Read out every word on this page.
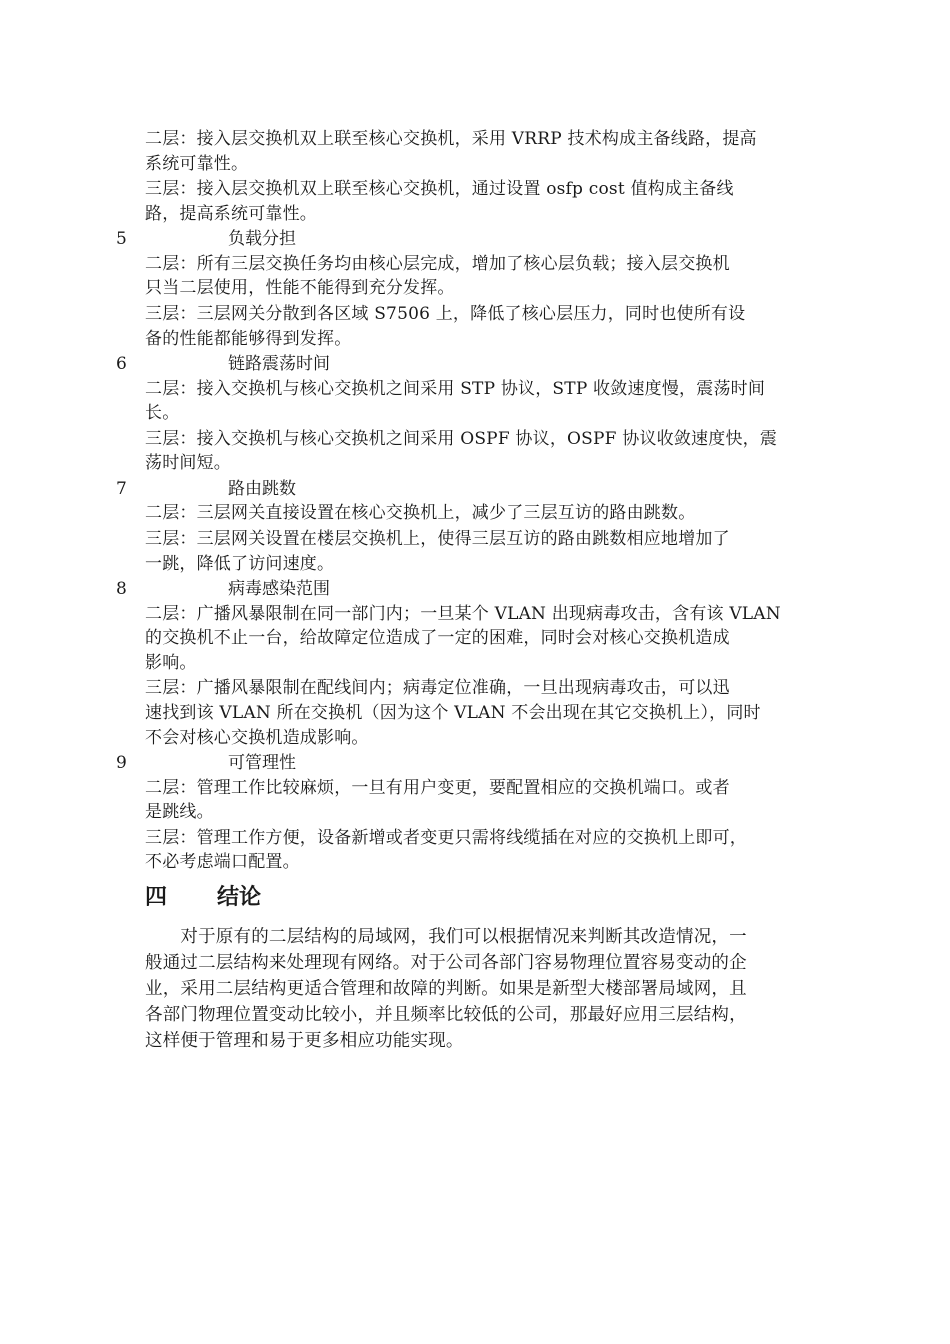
二层：接入层交换机双上联至核心交换机，采用 VRRP 技术构成主备线路，提高
系统可靠性。
三层：接入层交换机双上联至核心交换机，通过设置 osfp cost 值构成主备线
路，提高系统可靠性。
5	负载分担
二层：所有三层交换任务均由核心层完成，增加了核心层负载；接入层交换机
只当二层使用，性能不能得到充分发挥。
三层：三层网关分散到各区域 S7506 上，降低了核心层压力，同时也使所有设
备的性能都能够得到发挥。
6	链路震荡时间
二层：接入交换机与核心交换机之间采用 STP 协议，STP 收敛速度慢，震荡时间
长。
三层：接入交换机与核心交换机之间采用 OSPF 协议，OSPF 协议收敛速度快，震
荡时间短。
7	路由跳数
二层：三层网关直接设置在核心交换机上，减少了三层互访的路由跳数。
三层：三层网关设置在楼层交换机上，使得三层互访的路由跳数相应地增加了
一跳，降低了访问速度。
8	病毒感染范围
二层：广播风暴限制在同一部门内；一旦某个 VLAN 出现病毒攻击，含有该 VLAN
的交换机不止一台，给故障定位造成了一定的困难，同时会对核心交换机造成
影响。
三层：广播风暴限制在配线间内；病毒定位准确，一旦出现病毒攻击，可以迅
速找到该 VLAN 所在交换机（因为这个 VLAN 不会出现在其它交换机上），同时
不会对核心交换机造成影响。
9	可管理性
二层：管理工作比较麻烦，一旦有用户变更，要配置相应的交换机端口。或者
是跳线。
三层：管理工作方便，设备新增或者变更只需将线缆插在对应的交换机上即可，
不必考虑端口配置。
四 结论
　　对于原有的二层结构的局域网，我们可以根据情况来判断其改造情况，一
般通过二层结构来处理现有网络。对于公司各部门容易物理位置容易变动的企
业，采用二层结构更适合管理和故障的判断。如果是新型大楼部署局域网，且
各部门物理位置变动比较小，并且频率比较低的公司，那最好应用三层结构，
这样便于管理和易于更多相应功能实现。
